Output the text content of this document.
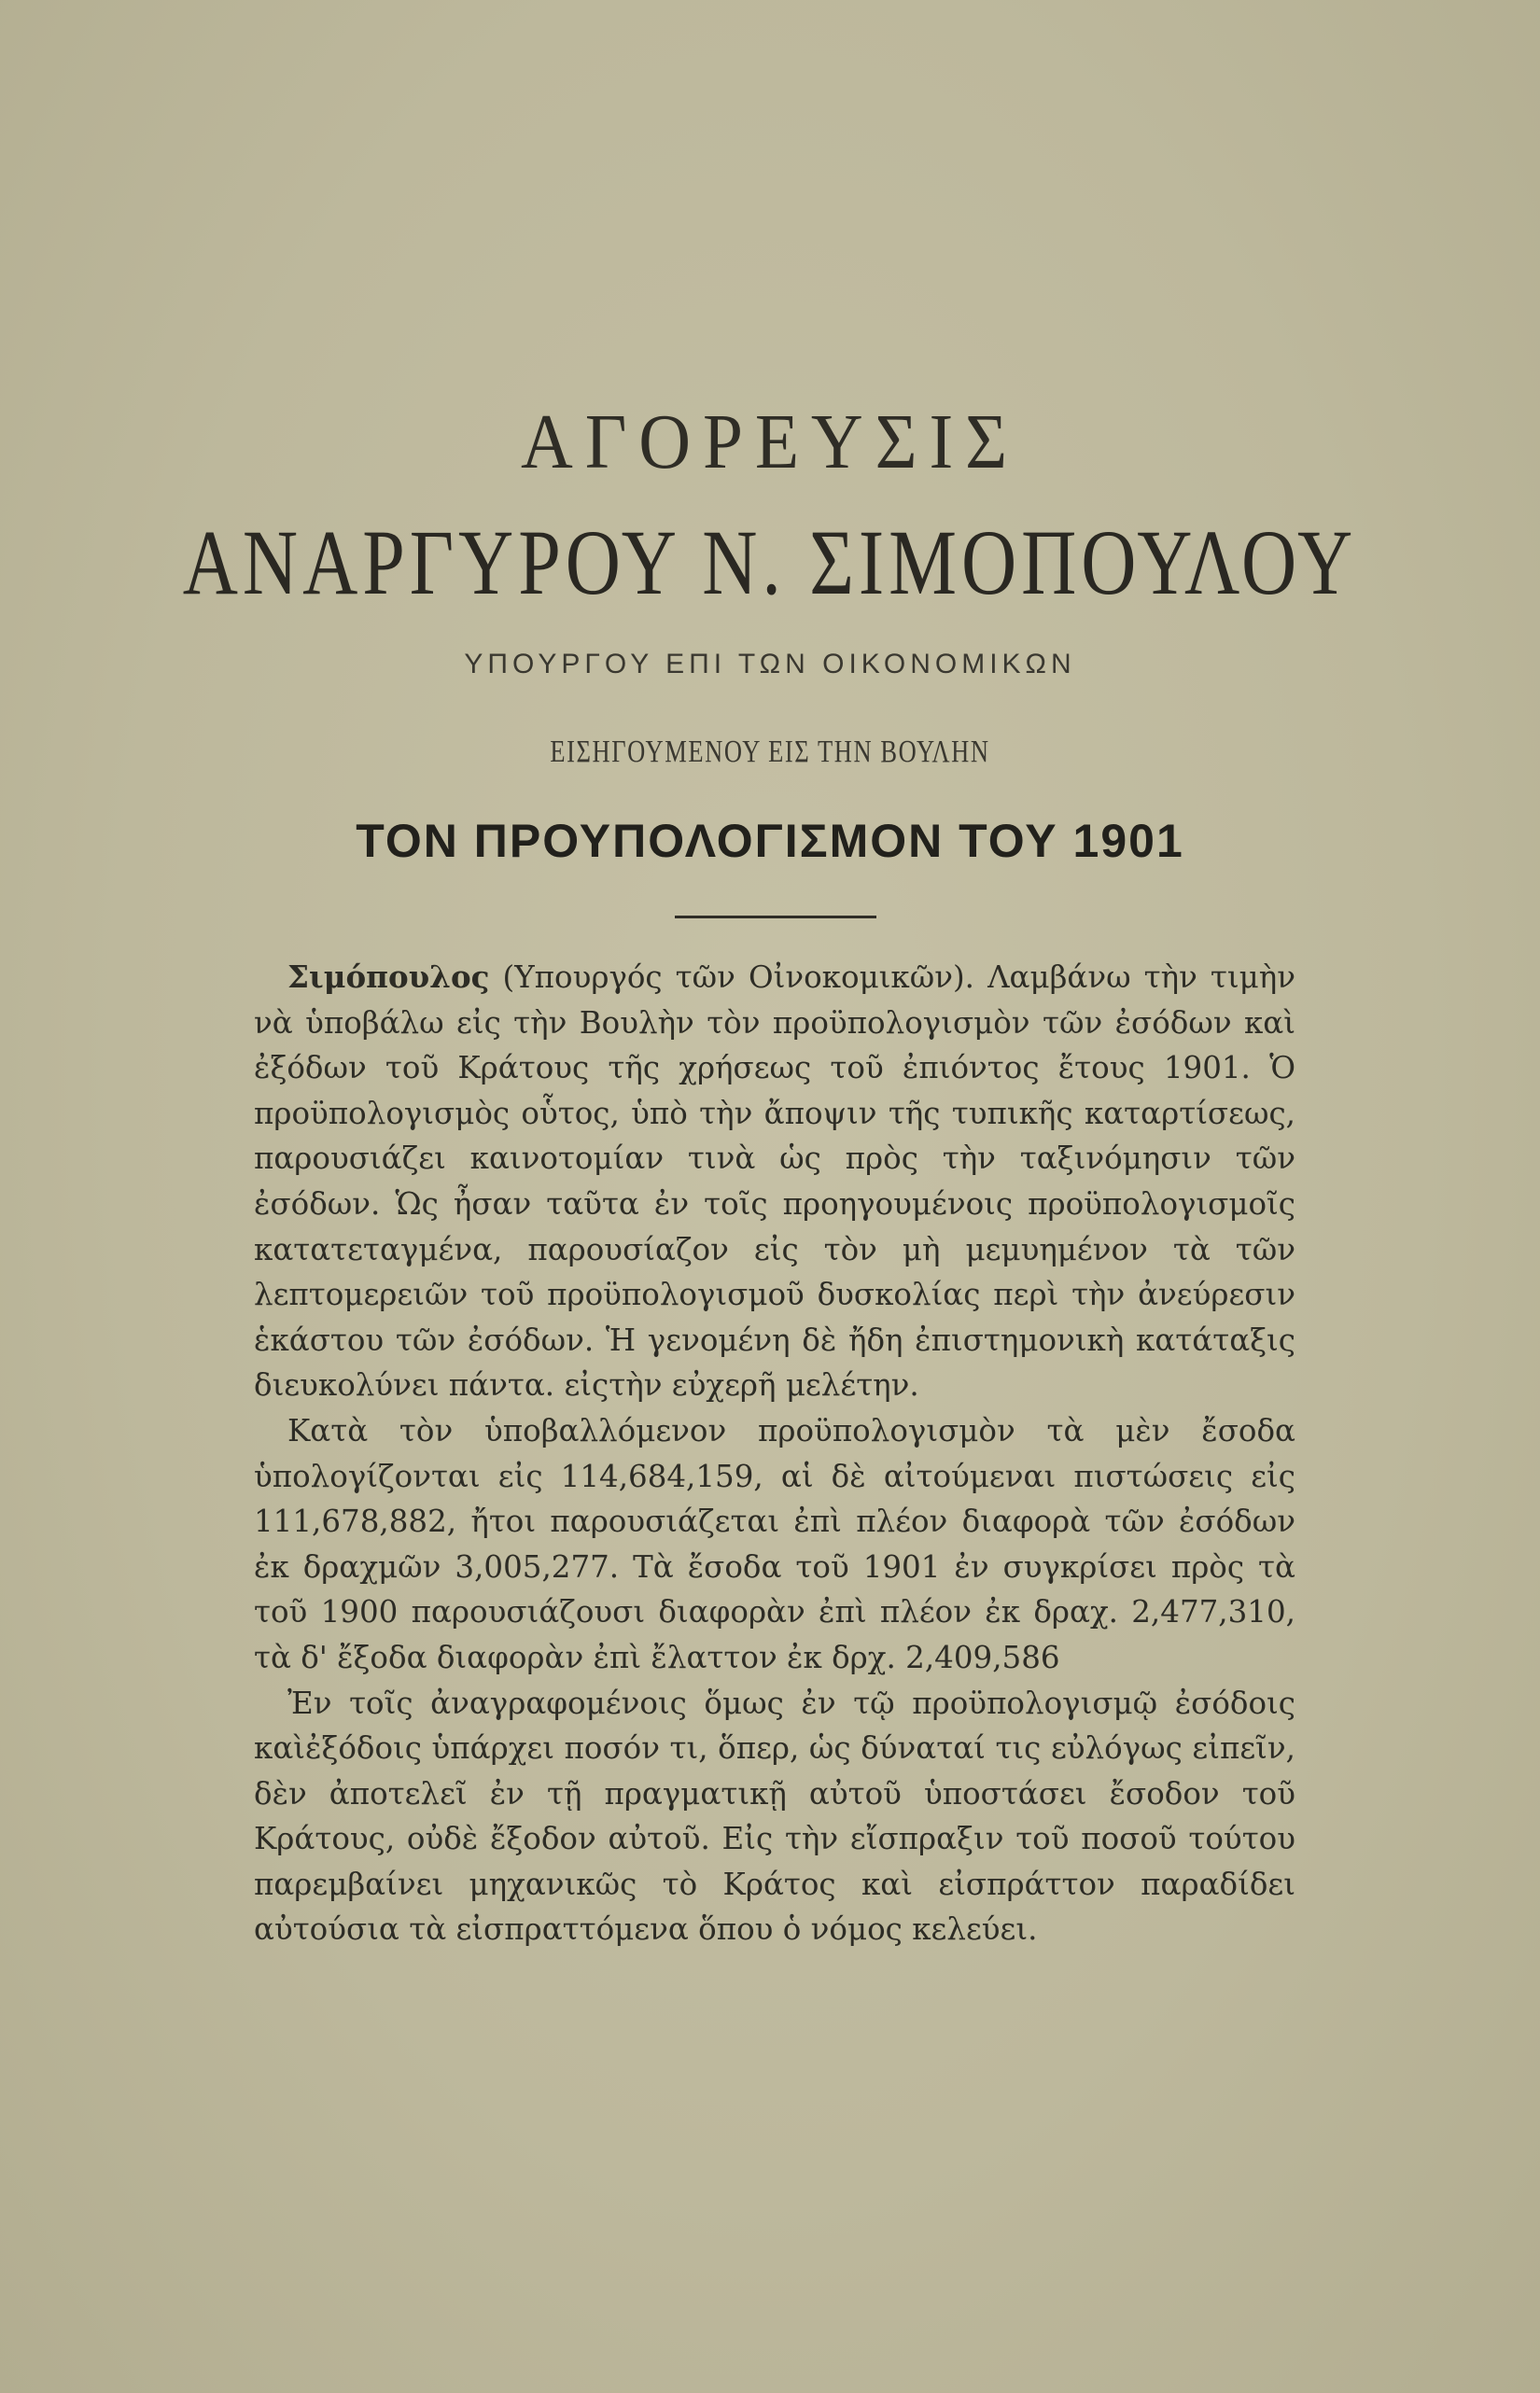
ΑΓΟΡΕΥΣΙΣ
ΑΝΑΡΓΥΡΟΥ Ν. ΣΙΜΟΠΟΥΛΟΥ
ΥΠΟΥΡΓΟΥ ΕΠΙ ΤΩΝ ΟΙΚΟΝΟΜΙΚΩΝ
ΕΙΣΗΓΟΥΜΕΝΟΥ ΕΙΣ ΤΗΝ ΒΟΥΛΗΝ
ΤΟΝ ΠΡΟΥΠΟΛΟΓΙΣΜΟΝ ΤΟΥ 1901

Σιμόπουλος (Υπουργός τῶν Οἰνοκομικῶν). Λαμβάνω τὴν τιμὴν νὰ ὑποβάλω εἰς τὴν Βουλὴν τὸν προϋπολογισμὸν τῶν ἐσόδων καὶ ἐξόδων τοῦ Κράτους τῆς χρήσεως τοῦ ἐπιόντος ἔτους 1901. Ὁ προϋπολογισμὸς οὗτος, ὑπὸ τὴν ἄποψιν τῆς τυπικῆς καταρτίσεως, παρουσιάζει καινοτομίαν τινὰ ὡς πρὸς τὴν ταξινόμησιν τῶν ἐσόδων. Ὡς ἦσαν ταῦτα ἐν τοῖς προηγουμένοις προϋπολογισμοῖς κατατεταγμένα, παρουσίαζον εἰς τὸν μὴ μεμυημένον τὰ τῶν λεπτομερειῶν τοῦ προϋπολογισμοῦ δυσκολίας περὶ τὴν ἀνεύρεσιν ἑκάστου τῶν ἐσόδων. Ἡ γενομένη δὲ ἤδη ἐπιστημονικὴ κατάταξις διευκολύνει πάντα. εἰςτὴν εὐχερῆ μελέτην.

Κατὰ τὸν ὑποβαλλόμενον προϋπολογισμὸν τὰ μὲν ἔσοδα ὑπολογίζονται εἰς 114,684,159, αἱ δὲ αἰτούμεναι πιστώσεις εἰς 111,678,882, ἤτοι παρουσιάζεται ἐπὶ πλέον διαφορὰ τῶν ἐσόδων ἐκ δραχμῶν 3,005,277. Τὰ ἔσοδα τοῦ 1901 ἐν συγκρίσει πρὸς τὰ τοῦ 1900 παρουσιάζουσι διαφορὰν ἐπὶ πλέον ἐκ δραχ. 2,477,310, τὰ δ' ἔξοδα διαφορὰν ἐπὶ ἔλαττον ἐκ δρχ. 2,409,586

Ἐν τοῖς ἀναγραφομένοις ὅμως ἐν τῷ προϋπολογισμῷ ἐσόδοις καὶἐξόδοις ὑπάρχει ποσόν τι, ὅπερ, ὡς δύναταί τις εὐλόγως εἰπεῖν, δὲν ἀποτελεῖ ἐν τῇ πραγματικῇ αὐτοῦ ὑποστάσει ἔσοδον τοῦ Κράτους, οὐδὲ ἔξοδον αὐτοῦ. Εἰς τὴν εἴσπραξιν τοῦ ποσοῦ τούτου παρεμβαίνει μηχανικῶς τὸ Κράτος καὶ εἰσπράττον παραδίδει αὐτούσια τὰ εἰσπραττόμενα ὅπου ὁ νόμος κελεύει.
